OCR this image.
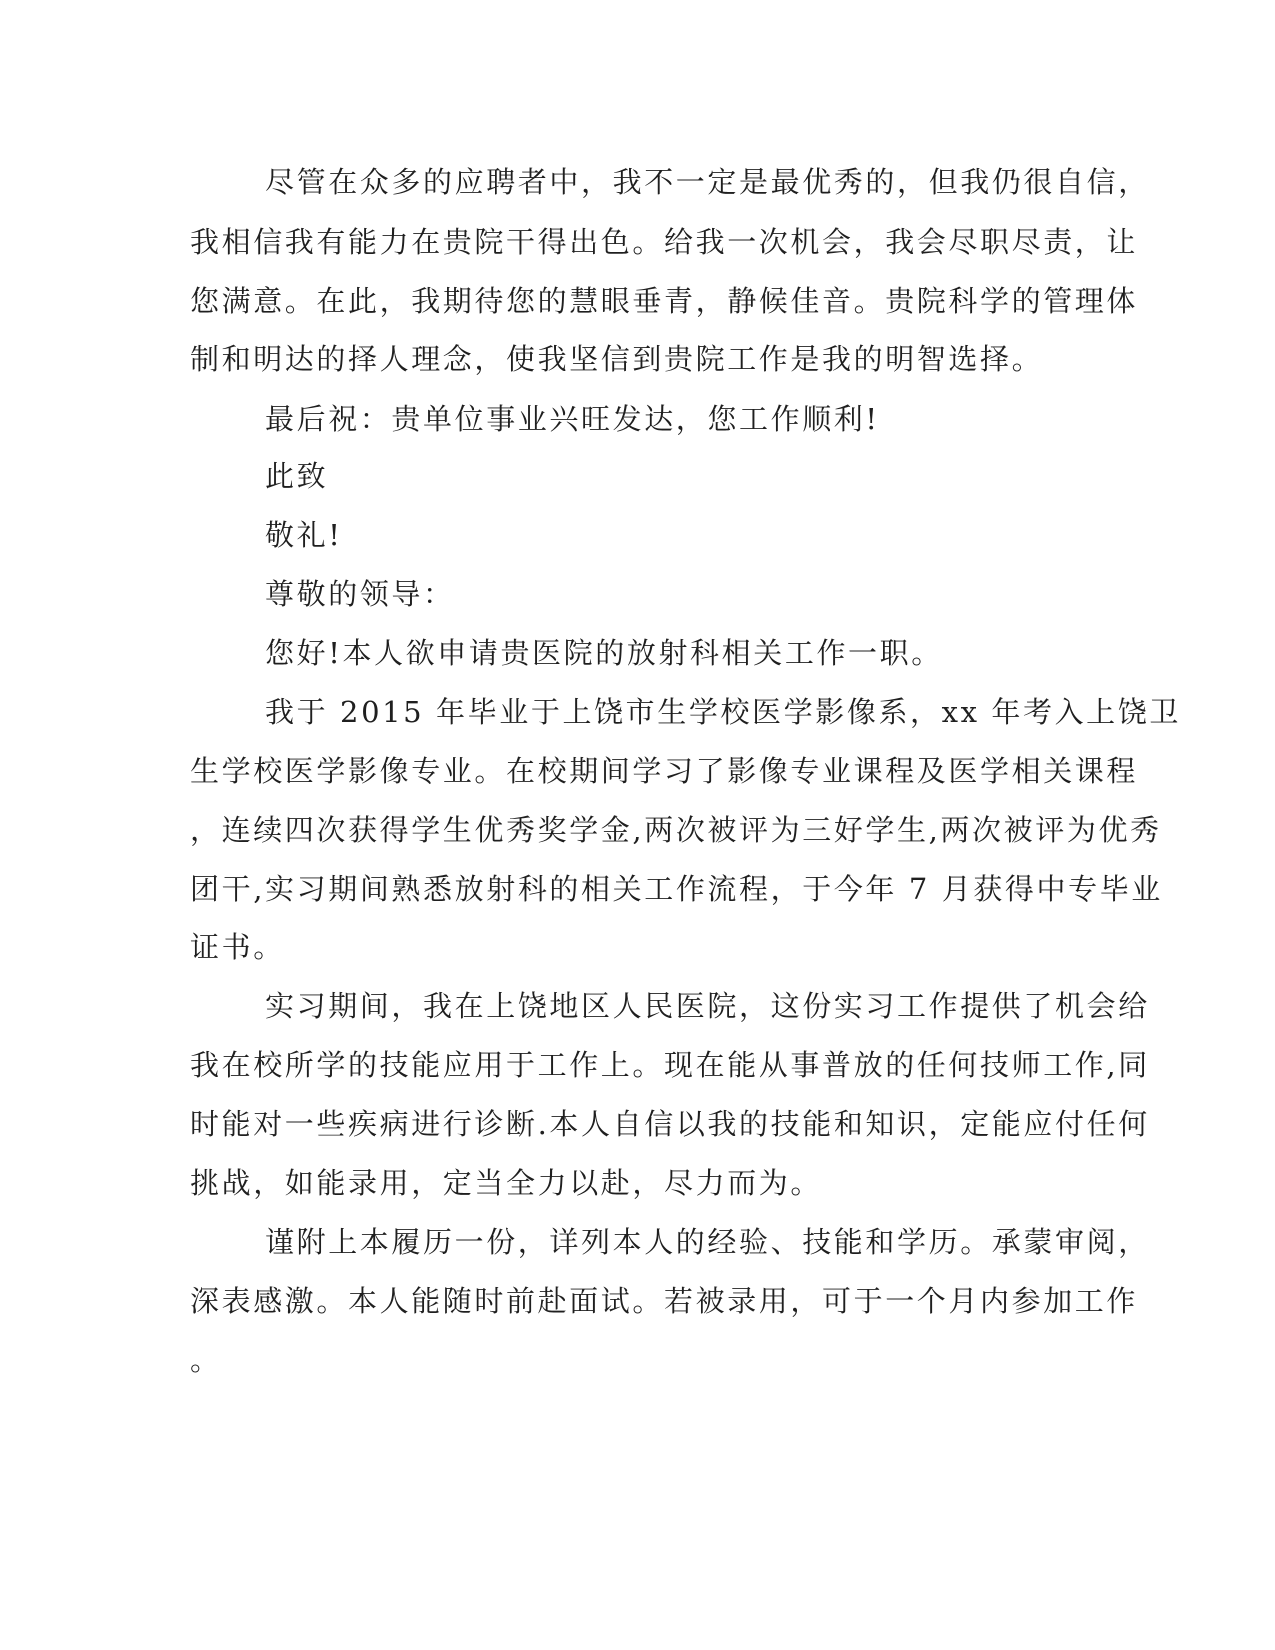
尽管在众多的应聘者中，我不一定是最优秀的，但我仍很自信，
我相信我有能力在贵院干得出色。给我一次机会，我会尽职尽责，让
您满意。在此，我期待您的慧眼垂青，静候佳音。贵院科学的管理体
制和明达的择人理念，使我坚信到贵院工作是我的明智选择。
最后祝：贵单位事业兴旺发达，您工作顺利!
此致
敬礼!
尊敬的领导：
您好!本人欲申请贵医院的放射科相关工作一职。
我于 2015 年毕业于上饶市生学校医学影像系，xx 年考入上饶卫
生学校医学影像专业。在校期间学习了影像专业课程及医学相关课程
，连续四次获得学生优秀奖学金,两次被评为三好学生,两次被评为优秀
团干,实习期间熟悉放射科的相关工作流程，于今年 7 月获得中专毕业
证书。
实习期间，我在上饶地区人民医院，这份实习工作提供了机会给
我在校所学的技能应用于工作上。现在能从事普放的任何技师工作,同
时能对一些疾病进行诊断.本人自信以我的技能和知识，定能应付任何
挑战，如能录用，定当全力以赴，尽力而为。
谨附上本履历一份，详列本人的经验、技能和学历。承蒙审阅，
深表感激。本人能随时前赴面试。若被录用，可于一个月内参加工作
。
